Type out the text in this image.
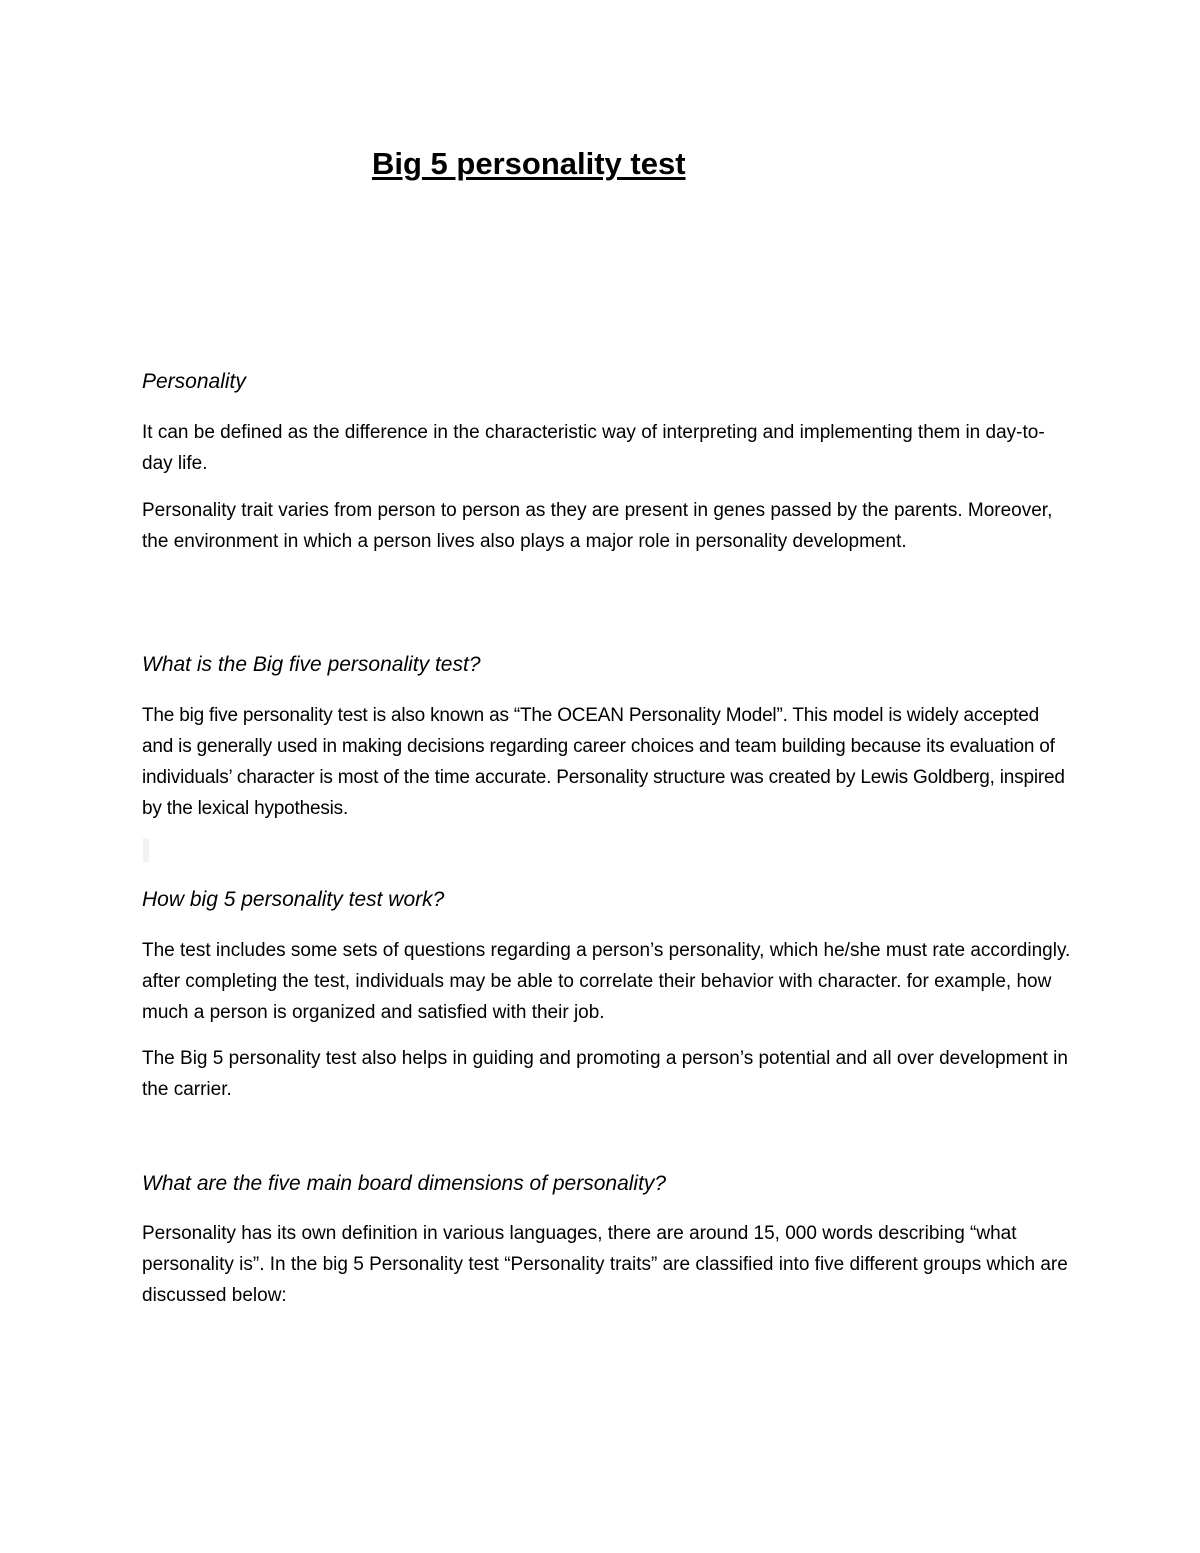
Big 5 personality test
Personality

It can be defined as the difference in the characteristic way of interpreting and implementing them in day-to-day life.

Personality trait varies from person to person as they are present in genes passed by the parents. Moreover, the environment in which a person lives also plays a major role in personality development.

What is the Big five personality test?

The big five personality test is also known as “The OCEAN Personality Model”. This model is widely accepted and is generally used in making decisions regarding career choices and team building because its evaluation of individuals’ character is most of the time accurate. Personality structure was created by Lewis Goldberg, inspired by the lexical hypothesis.

How big 5 personality test work?

The test includes some sets of questions regarding a person’s personality, which he/she must rate accordingly. after completing the test, individuals may be able to correlate their behavior with character. for example, how much a person is organized and satisfied with their job.

The Big 5 personality test also helps in guiding and promoting a person’s potential and all over development in the carrier.

What are the five main board dimensions of personality?

Personality has its own definition in various languages, there are around 15, 000 words describing “what personality is”. In the big 5 Personality test “Personality traits” are classified into five different groups which are discussed below:
